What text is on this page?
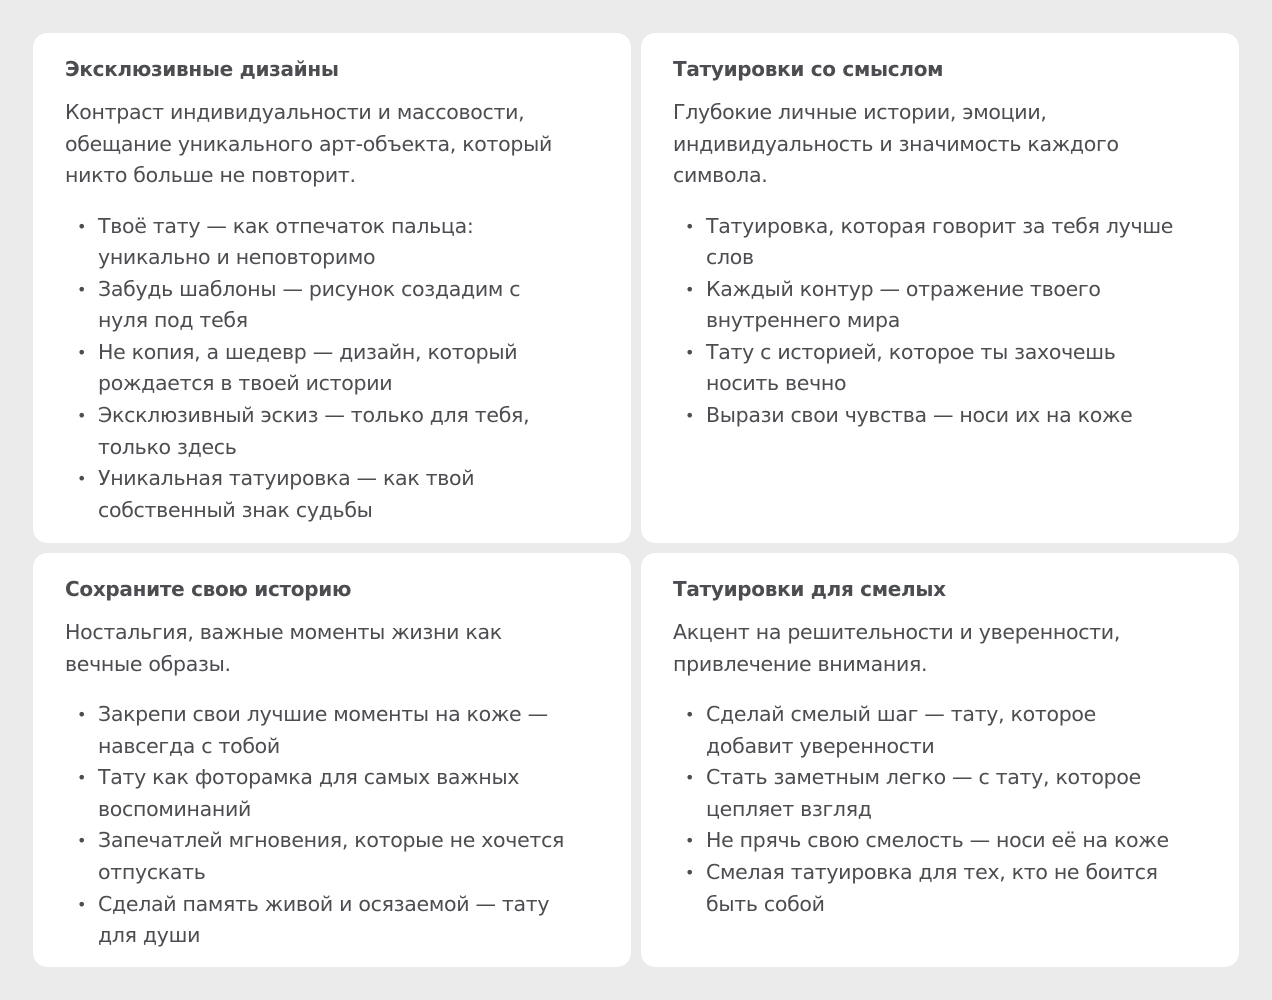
Эксклюзивные дизайны

Контраст индивидуальности и массовости, обещание уникального арт-объекта, который никто больше не повторит.

• Твоё тату — как отпечаток пальца: уникально и неповторимо
• Забудь шаблоны — рисунок создадим с нуля под тебя
• Не копия, а шедевр — дизайн, который рождается в твоей истории
• Эксклюзивный эскиз — только для тебя, только здесь
• Уникальная татуировка — как твой собственный знак судьбы
Татуировки со смыслом

Глубокие личные истории, эмоции, индивидуальность и значимость каждого символа.

• Татуировка, которая говорит за тебя лучше слов
• Каждый контур — отражение твоего внутреннего мира
• Тату с историей, которое ты захочешь носить вечно
• Вырази свои чувства — носи их на коже
Сохраните свою историю

Ностальгия, важные моменты жизни как вечные образы.

• Закрепи свои лучшие моменты на коже — навсегда с тобой
• Тату как фоторамка для самых важных воспоминаний
• Запечатлей мгновения, которые не хочется отпускать
• Сделай память живой и осязаемой — тату для души
Татуировки для смелых

Акцент на решительности и уверенности, привлечение внимания.

• Сделай смелый шаг — тату, которое добавит уверенности
• Стать заметным легко — с тату, которое цепляет взгляд
• Не прячь свою смелость — носи её на коже
• Смелая татуировка для тех, кто не боится быть собой
